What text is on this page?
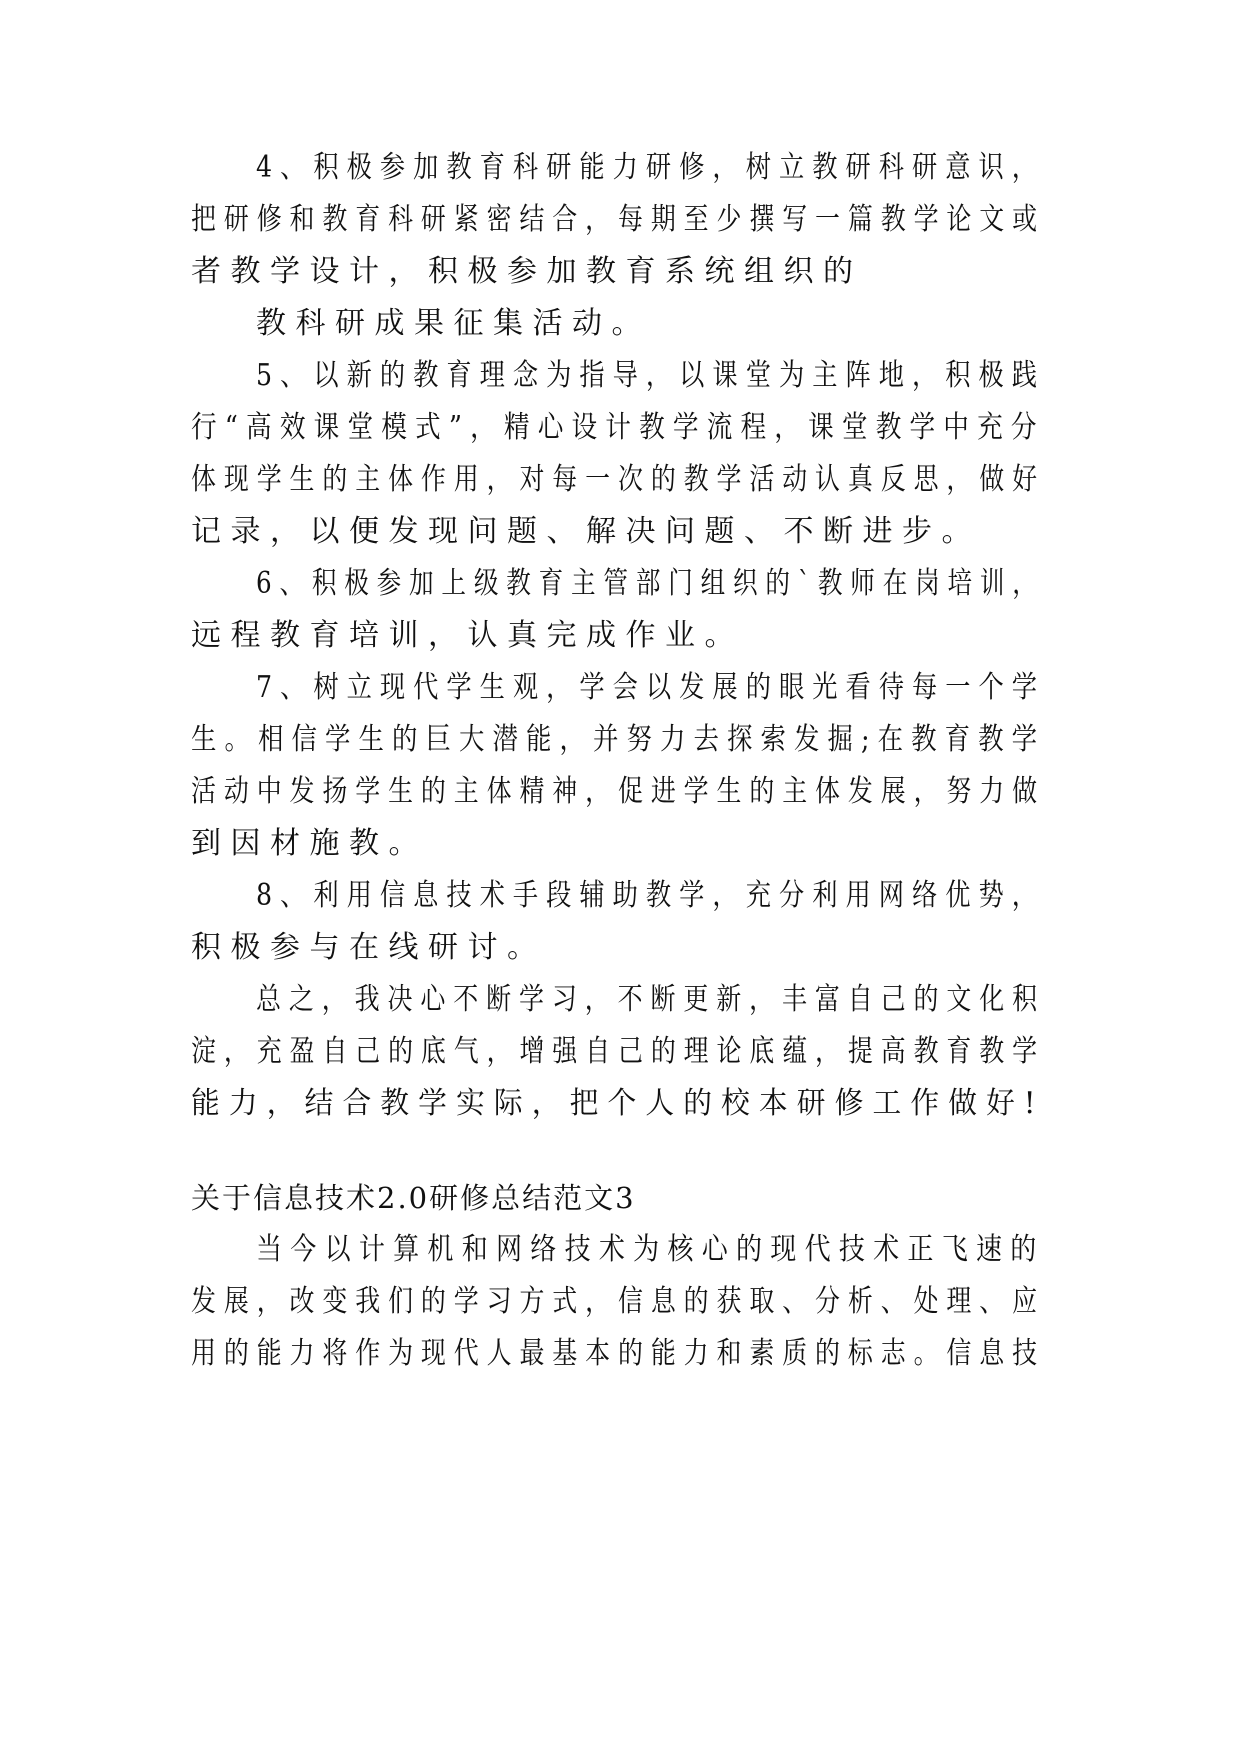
4、积极参加教育科研能力研修，树立教研科研意识，
把研修和教育科研紧密结合，每期至少撰写一篇教学论文或
者教学设计，积极参加教育系统组织的
教科研成果征集活动。
5、以新的教育理念为指导，以课堂为主阵地，积极践
行“高效课堂模式”，精心设计教学流程，课堂教学中充分
体现学生的主体作用，对每一次的教学活动认真反思，做好
记录，以便发现问题、解决问题、不断进步。
6、积极参加上级教育主管部门组织的`教师在岗培训，
远程教育培训，认真完成作业。
7、树立现代学生观，学会以发展的眼光看待每一个学
生。相信学生的巨大潜能，并努力去探索发掘;在教育教学
活动中发扬学生的主体精神，促进学生的主体发展，努力做
到因材施教。
8、利用信息技术手段辅助教学，充分利用网络优势，
积极参与在线研讨。
总之，我决心不断学习，不断更新，丰富自己的文化积
淀，充盈自己的底气，增强自己的理论底蕴，提高教育教学
能力，结合教学实际，把个人的校本研修工作做好!
关于信息技术2.0研修总结范文3
当今以计算机和网络技术为核心的现代技术正飞速的
发展，改变我们的学习方式，信息的获取、分析、处理、应
用的能力将作为现代人最基本的能力和素质的标志。信息技
